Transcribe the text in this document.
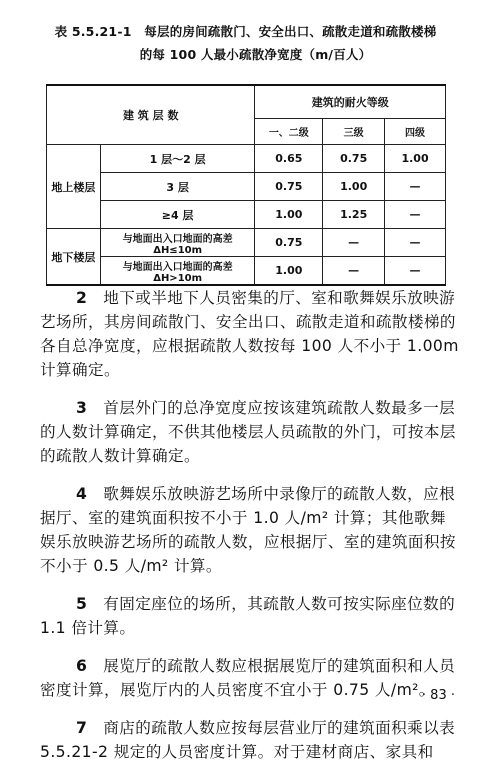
表 5.5.21-1　每层的房间疏散门、安全出口、疏散走道和疏散楼梯
的每 100 人最小疏散净宽度（m/百人）
建 筑 层 数		建筑的耐火等级		
		一、二级	三级	四级
地上楼层	1 层～2 层	0.65	0.75	1.00
	3 层	0.75	1.00	—
	≥4 层	1.00	1.25	—
地下楼层	与地面出入口地面的高差 ΔH≤10m	0.75	—	—
	与地面出入口地面的高差 ΔH>10m	1.00	—	—

2　 地下或半地下人员密集的厅、室和歌舞娱乐放映游艺场所，其房间疏散门、安全出口、疏散走道和疏散楼梯的各自总净宽度，应根据疏散人数按每 100 人不小于 1.00m 计算确定。

3　 首层外门的总净宽度应按该建筑疏散人数最多一层的人数计算确定，不供其他楼层人员疏散的外门，可按本层的疏散人数计算确定。

4　 歌舞娱乐放映游艺场所中录像厅的疏散人数，应根据厅、室的建筑面积按不小于 1.0 人/m² 计算；其他歌舞娱乐放映游艺场所的疏散人数，应根据厅、室的建筑面积按不小于 0.5 人/m² 计算。

5　 有固定座位的场所，其疏散人数可按实际座位数的 1.1 倍计算。

6　 展览厅的疏散人数应根据展览厅的建筑面积和人员密度计算，展览厅内的人员密度不宜小于 0.75 人/m²。

7　 商店的疏散人数应按每层营业厅的建筑面积乘以表 5.5.21-2 规定的人员密度计算。对于建材商店、家具和

· 83 ·
